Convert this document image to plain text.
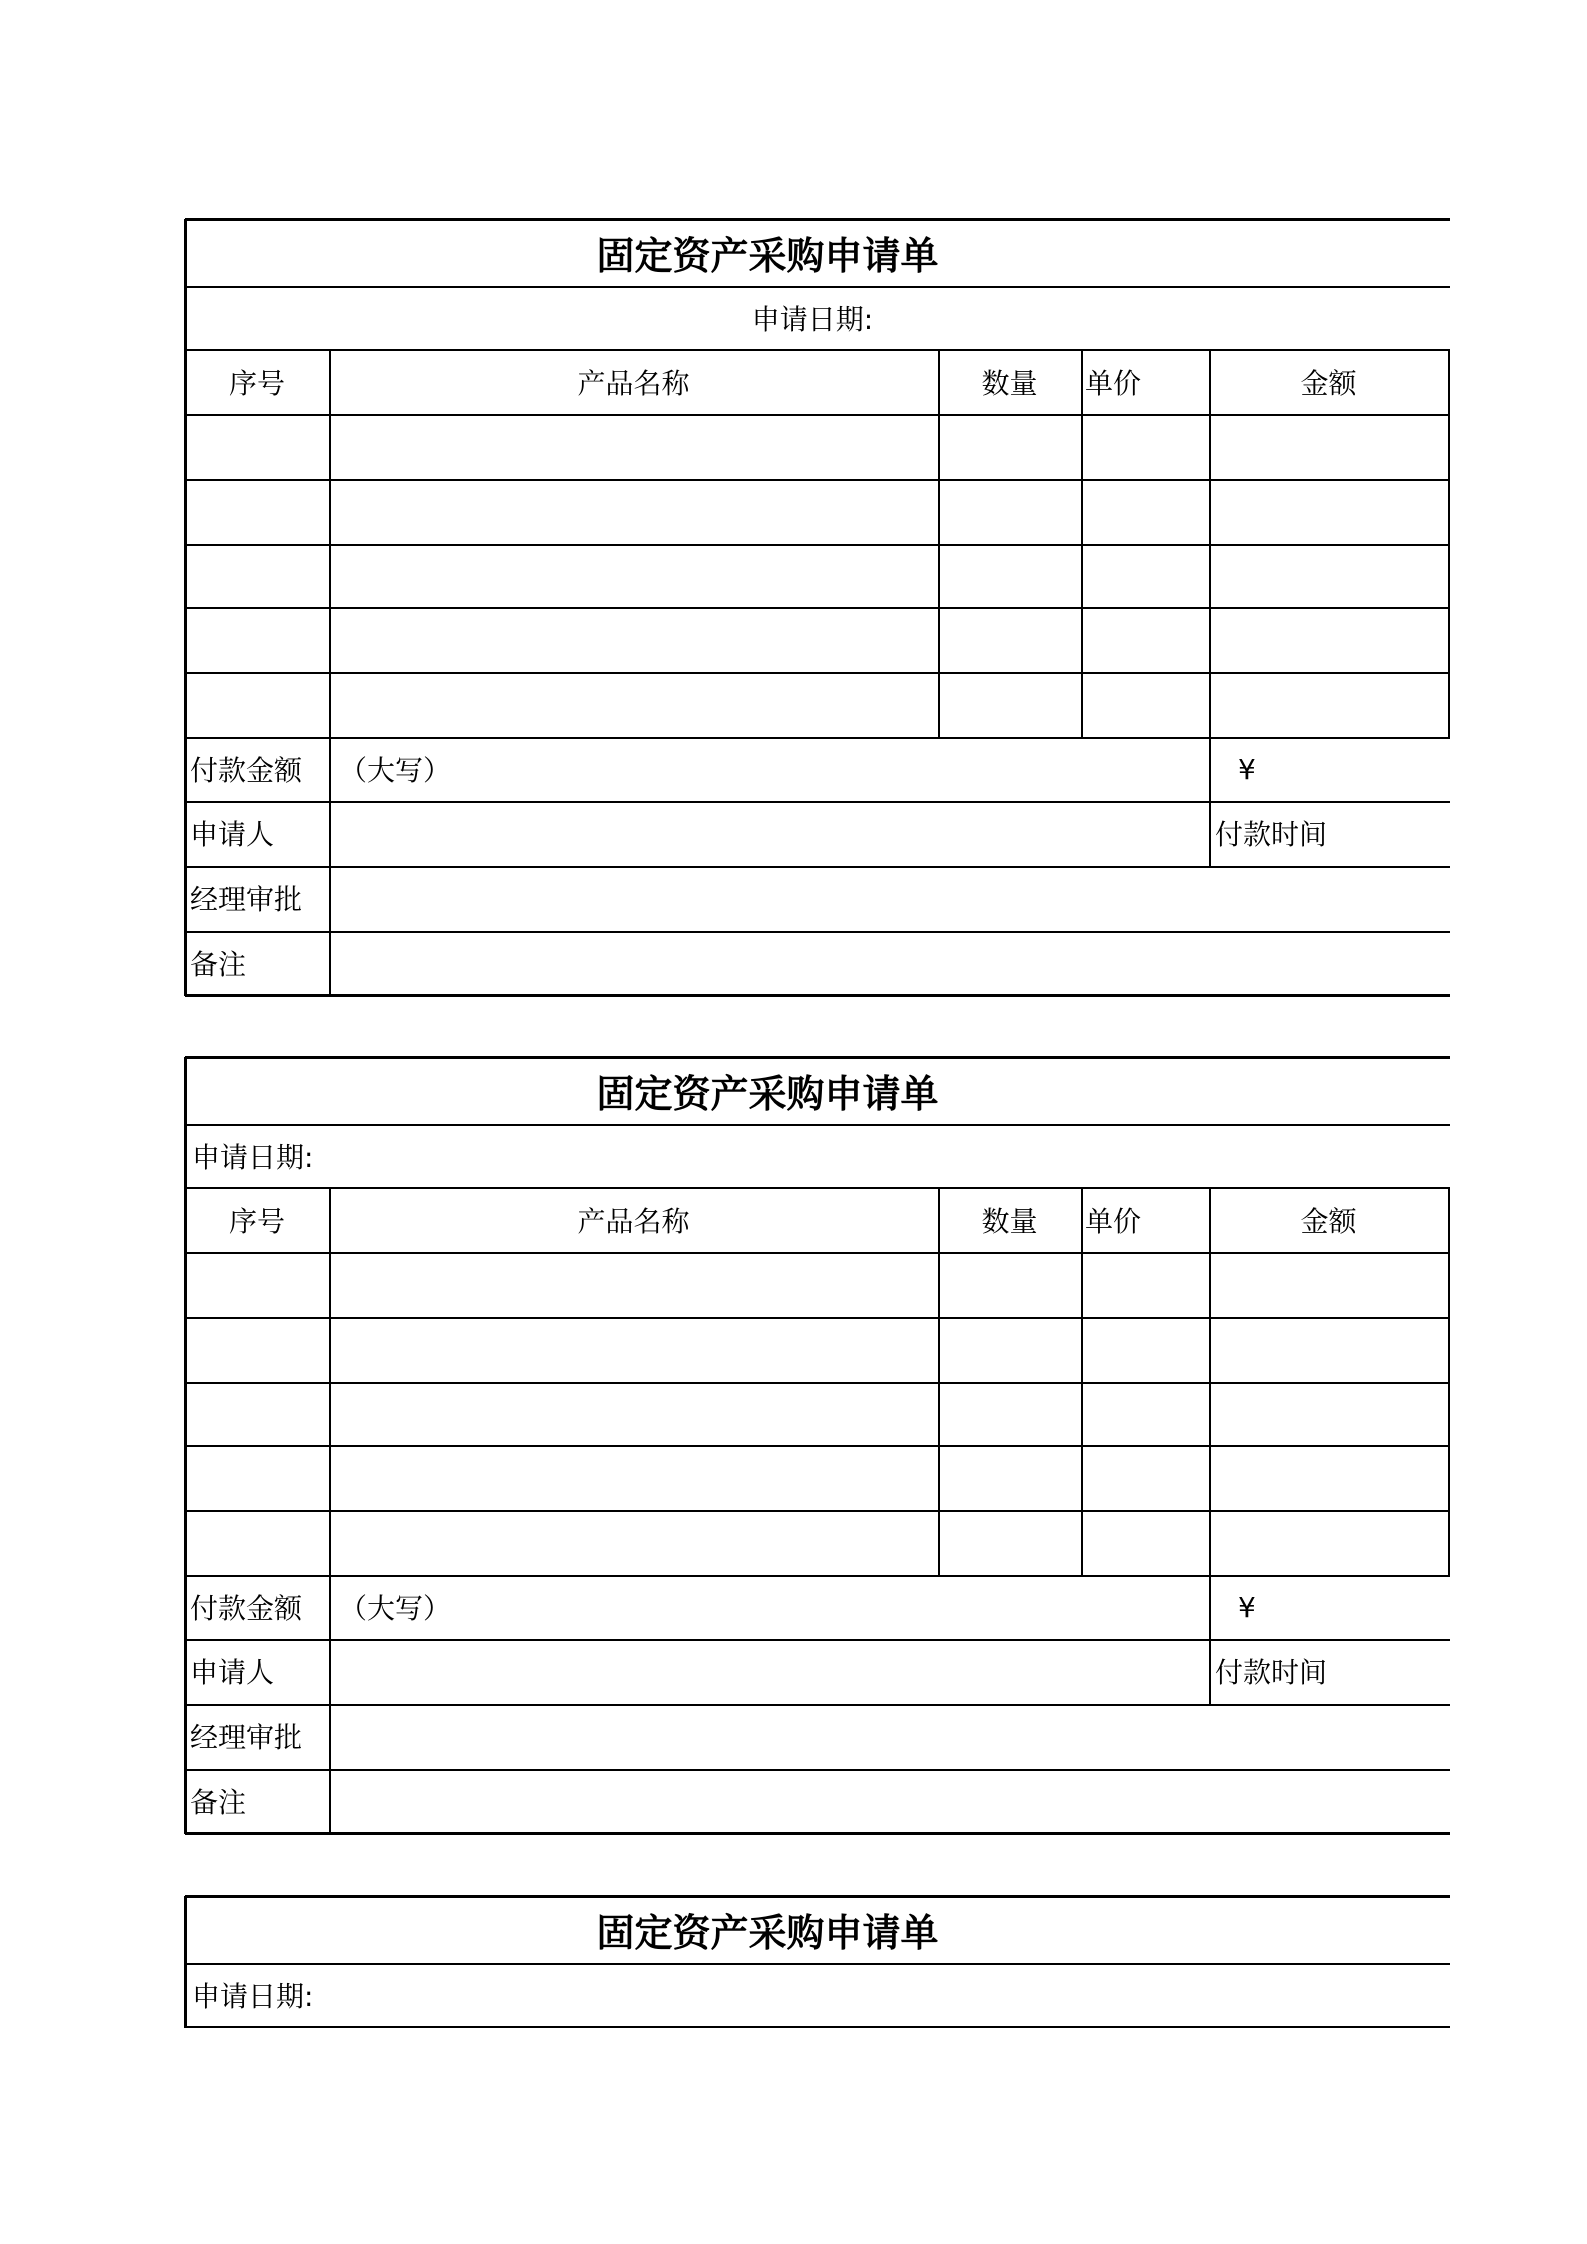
固定资产采购申请单
申请日期:
序号	产品名称	数量	单价	金额
付款金额 （大写）	¥
申请人	付款时间
经理审批
备注
固定资产采购申请单
申请日期:
序号	产品名称	数量	单价	金额
付款金额 （大写）	¥
申请人	付款时间
经理审批
备注
固定资产采购申请单
申请日期:
